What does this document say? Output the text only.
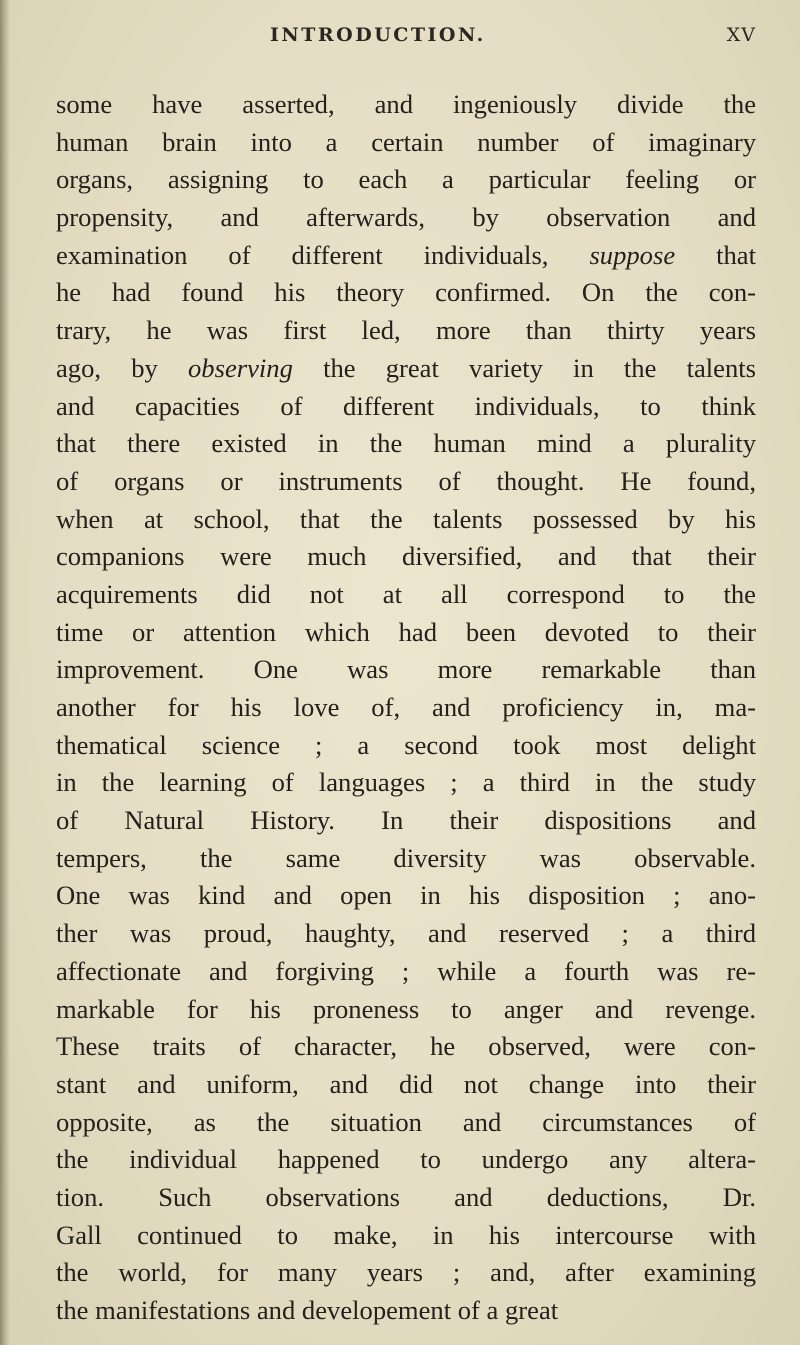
INTRODUCTION.	XV
some have asserted, and ingeniously divide the
human brain into a certain number of imaginary
organs, assigning to each a particular feeling or
propensity, and afterwards, by observation and
examination of different individuals, suppose that
he had found his theory confirmed. On the con-
trary, he was first led, more than thirty years
ago, by observing the great variety in the talents
and capacities of different individuals, to think
that there existed in the human mind a plurality
of organs or instruments of thought. He found,
when at school, that the talents possessed by his
companions were much diversified, and that their
acquirements did not at all correspond to the
time or attention which had been devoted to their
improvement. One was more remarkable than
another for his love of, and proficiency in, ma-
thematical science ; a second took most delight
in the learning of languages ; a third in the study
of Natural History. In their dispositions and
tempers, the same diversity was observable.
One was kind and open in his disposition ; ano-
ther was proud, haughty, and reserved ; a third
affectionate and forgiving ; while a fourth was re-
markable for his proneness to anger and revenge.
These traits of character, he observed, were con-
stant and uniform, and did not change into their
opposite, as the situation and circumstances of
the individual happened to undergo any altera-
tion. Such observations and deductions, Dr.
Gall continued to make, in his intercourse with
the world, for many years ; and, after examining
the manifestations and developement of a great
